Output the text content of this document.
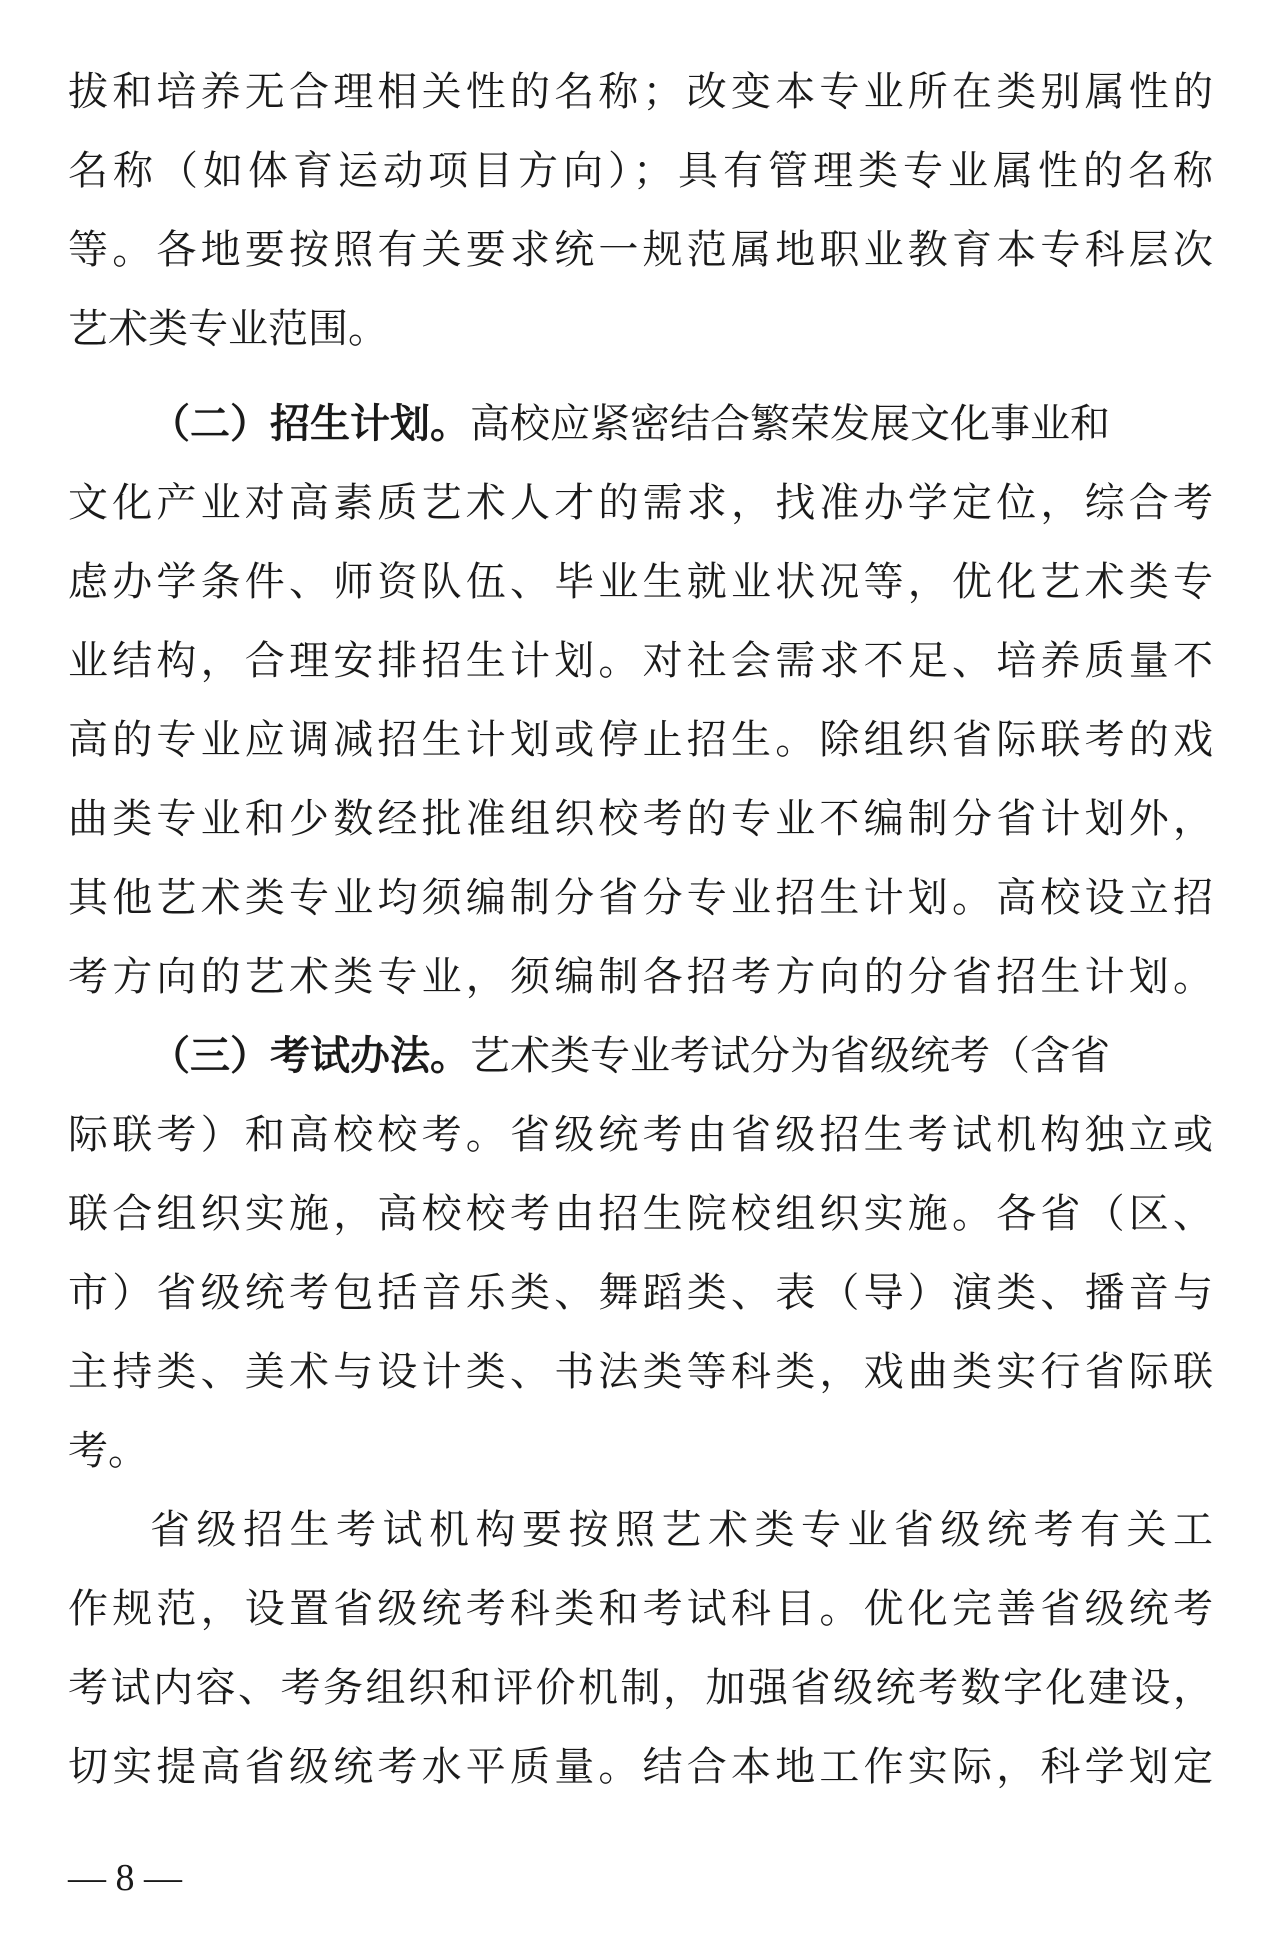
拔和培养无合理相关性的名称；改变本专业所在类别属性的
名称（如体育运动项目方向）；具有管理类专业属性的名称
等。各地要按照有关要求统一规范属地职业教育本专科层次
艺术类专业范围。
（二）招生计划。高校应紧密结合繁荣发展文化事业和
文化产业对高素质艺术人才的需求，找准办学定位，综合考
虑办学条件、师资队伍、毕业生就业状况等，优化艺术类专
业结构，合理安排招生计划。对社会需求不足、培养质量不
高的专业应调减招生计划或停止招生。除组织省际联考的戏
曲类专业和少数经批准组织校考的专业不编制分省计划外，
其他艺术类专业均须编制分省分专业招生计划。高校设立招
考方向的艺术类专业，须编制各招考方向的分省招生计划。
（三）考试办法。艺术类专业考试分为省级统考（含省
际联考）和高校校考。省级统考由省级招生考试机构独立或
联合组织实施，高校校考由招生院校组织实施。各省（区、
市）省级统考包括音乐类、舞蹈类、表（导）演类、播音与
主持类、美术与设计类、书法类等科类，戏曲类实行省际联
考。
省级招生考试机构要按照艺术类专业省级统考有关工
作规范，设置省级统考科类和考试科目。优化完善省级统考
考试内容、考务组织和评价机制，加强省级统考数字化建设，
切实提高省级统考水平质量。结合本地工作实际，科学划定
— 8 —
